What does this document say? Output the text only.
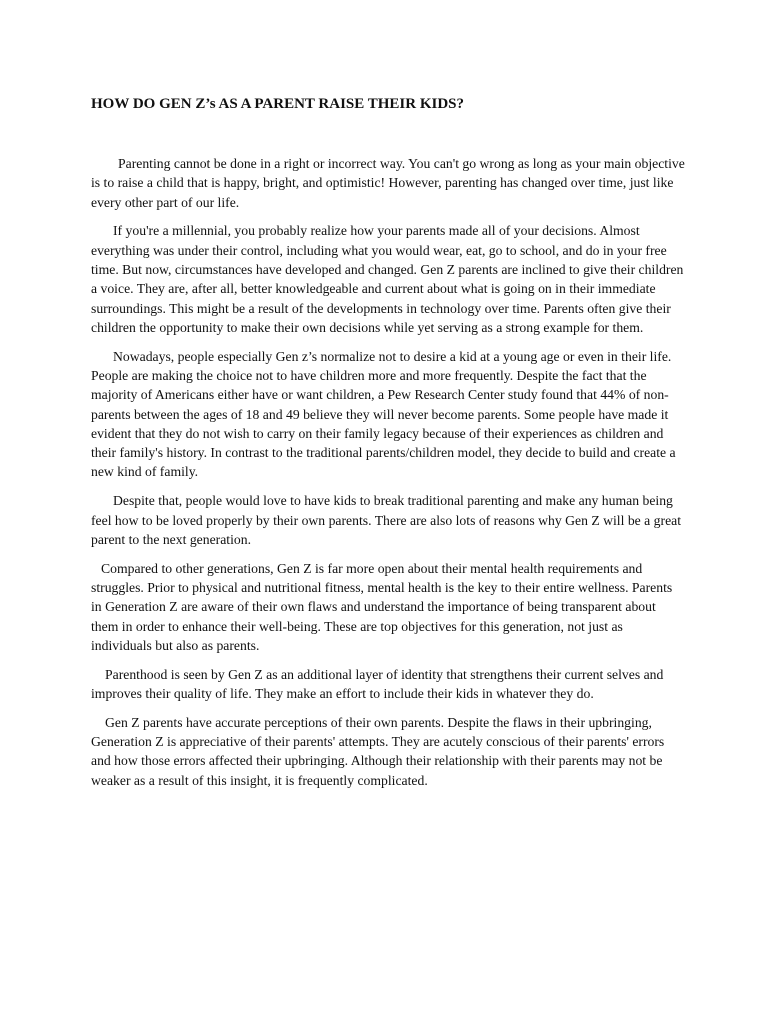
HOW DO GEN Z’s AS A PARENT RAISE THEIR KIDS?

Parenting cannot be done in a right or incorrect way. You can't go wrong as long as your main objective is to raise a child that is happy, bright, and optimistic! However, parenting has changed over time, just like every other part of our life.

If you're a millennial, you probably realize how your parents made all of your decisions. Almost everything was under their control, including what you would wear, eat, go to school, and do in your free time. But now, circumstances have developed and changed. Gen Z parents are inclined to give their children a voice. They are, after all, better knowledgeable and current about what is going on in their immediate surroundings. This might be a result of the developments in technology over time. Parents often give their children the opportunity to make their own decisions while yet serving as a strong example for them.

Nowadays, people especially Gen z’s normalize not to desire a kid at a young age or even in their life. People are making the choice not to have children more and more frequently. Despite the fact that the majority of Americans either have or want children, a Pew Research Center study found that 44% of non-parents between the ages of 18 and 49 believe they will never become parents. Some people have made it evident that they do not wish to carry on their family legacy because of their experiences as children and their family's history. In contrast to the traditional parents/children model, they decide to build and create a new kind of family.

Despite that, people would love to have kids to break traditional parenting and make any human being feel how to be loved properly by their own parents. There are also lots of reasons why Gen Z will be a great parent to the next generation.

Compared to other generations, Gen Z is far more open about their mental health requirements and struggles. Prior to physical and nutritional fitness, mental health is the key to their entire wellness. Parents in Generation Z are aware of their own flaws and understand the importance of being transparent about them in order to enhance their well-being. These are top objectives for this generation, not just as individuals but also as parents.

Parenthood is seen by Gen Z as an additional layer of identity that strengthens their current selves and improves their quality of life. They make an effort to include their kids in whatever they do.

Gen Z parents have accurate perceptions of their own parents. Despite the flaws in their upbringing, Generation Z is appreciative of their parents' attempts. They are acutely conscious of their parents' errors and how those errors affected their upbringing. Although their relationship with their parents may not be weaker as a result of this insight, it is frequently complicated.
